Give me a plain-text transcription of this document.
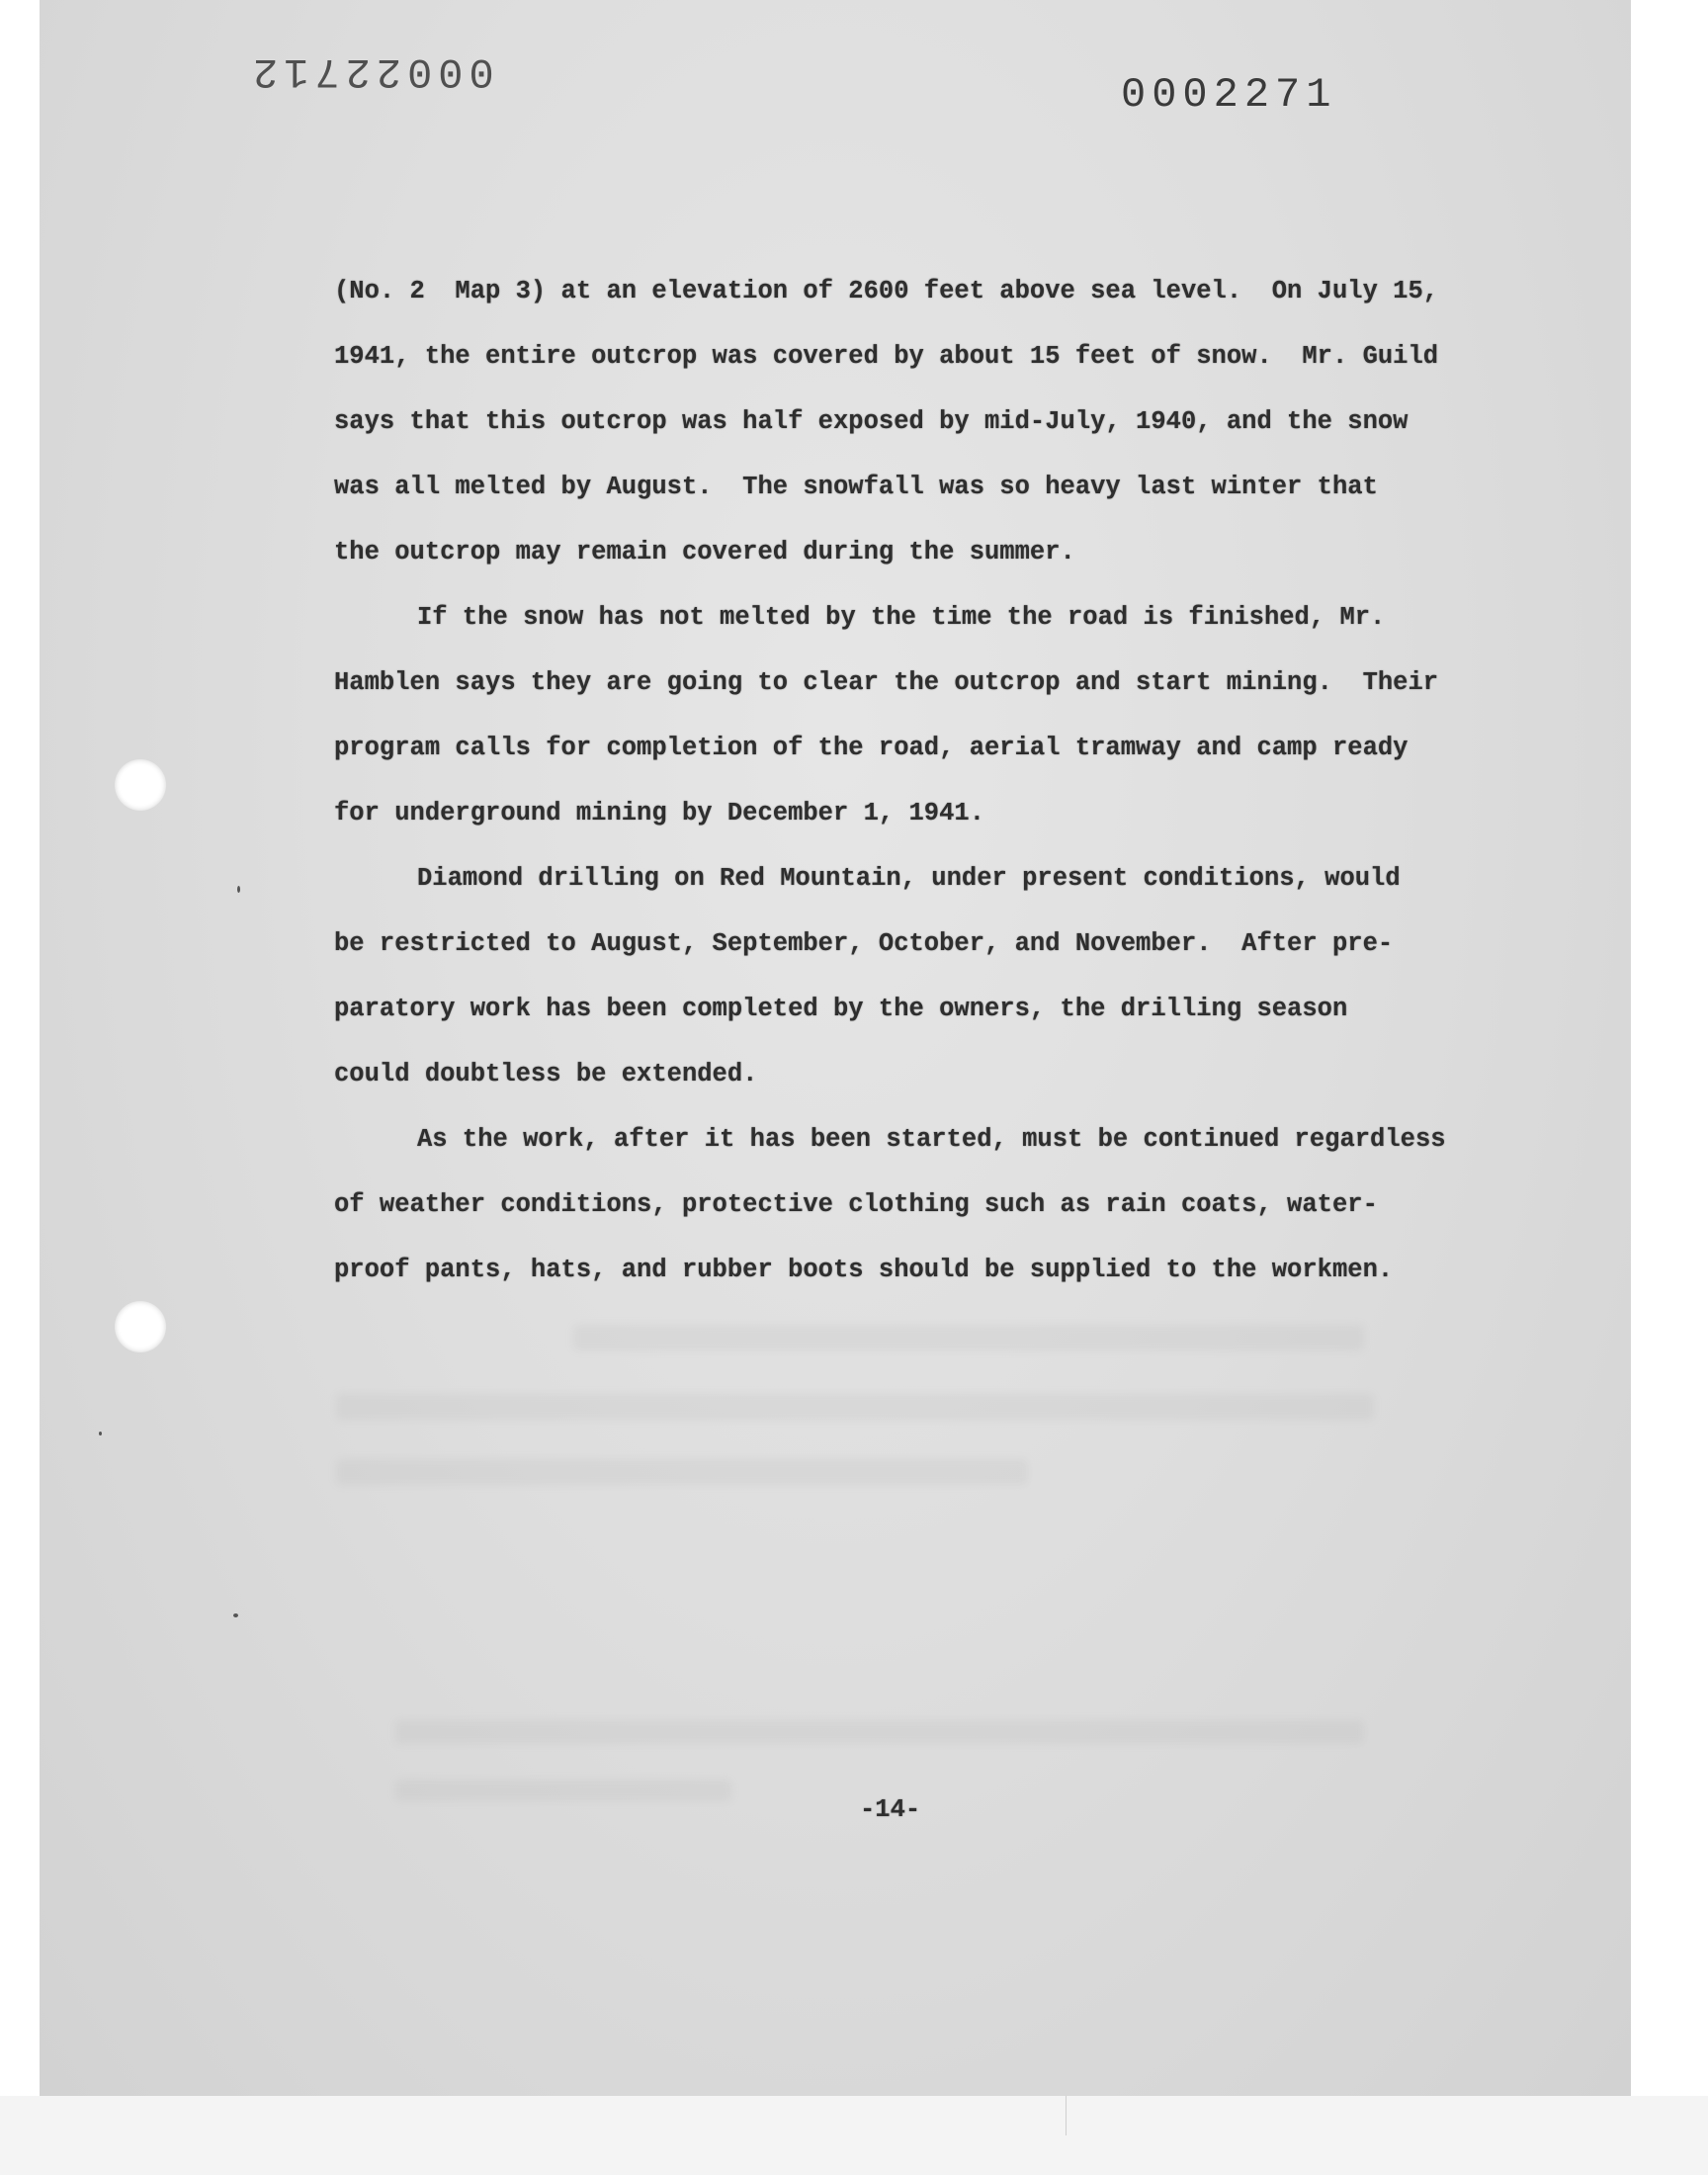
00022712	0002271
(No. 2  Map 3) at an elevation of 2600 feet above sea level.  On July 15,
1941, the entire outcrop was covered by about 15 feet of snow.  Mr. Guild
says that this outcrop was half exposed by mid-July, 1940, and the snow
was all melted by August.  The snowfall was so heavy last winter that
the outcrop may remain covered during the summer.
If the snow has not melted by the time the road is finished, Mr.
Hamblen says they are going to clear the outcrop and start mining.  Their
program calls for completion of the road, aerial tramway and camp ready
for underground mining by December 1, 1941.
Diamond drilling on Red Mountain, under present conditions, would
be restricted to August, September, October, and November.  After pre-
paratory work has been completed by the owners, the drilling season
could doubtless be extended.
As the work, after it has been started, must be continued regardless
of weather conditions, protective clothing such as rain coats, water-
proof pants, hats, and rubber boots should be supplied to the workmen.
-14-
